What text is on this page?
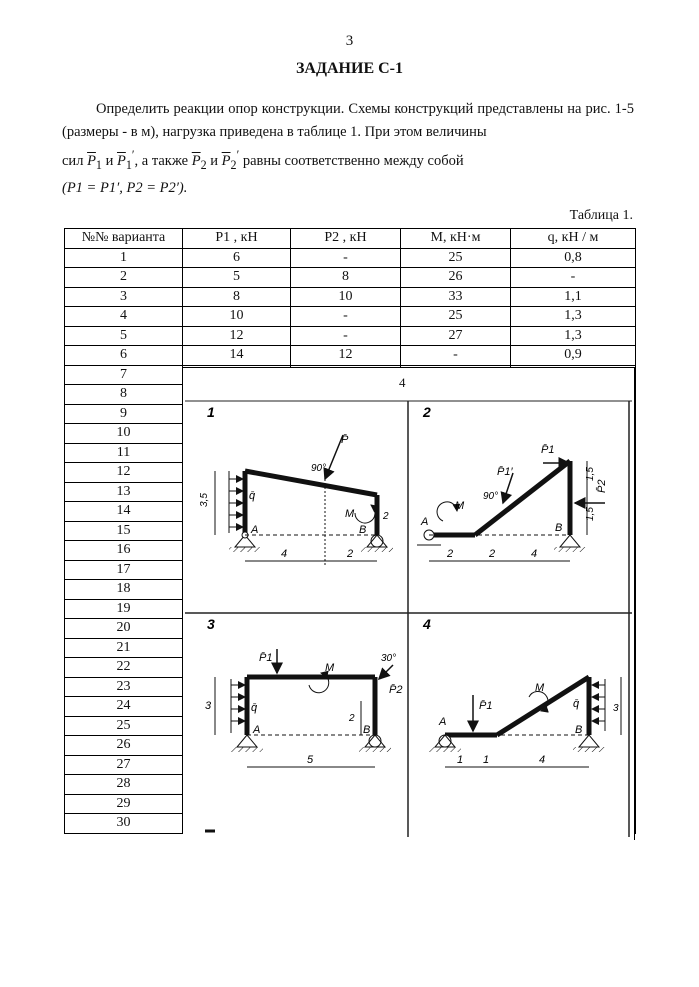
3
ЗАДАНИЕ С-1
Определить реакции опор конструкции. Схемы конструкций представлены на рис. 1-5 (размеры - в м), нагрузка приведена в таблице 1. При этом величины
сил $\overline{P}_1$ и $\overline{P}_1'$, а также $\overline{P}_2$ и $\overline{P}_2'$ равны соответственно между собой
(P1 = P1′, P2 = P2′).
Таблица 1.
№№ варианта	P1 , кН	P2 , кН	M, кН·м	q, кН / м
1	6	-	25	0,8
2	5	8	26	-
3	8	10	33	1,1
4	10	-	25	1,3
5	12	-	27	1,3
6	14	12	-	0,9
7				
8				
9				
10				
11				
12				
13				
14				
15				
16				
17				
18				
19				
20				
21				
22				
23				
24				
25				
26				
27				
28				
29				
30				
4
1
q̄
3,5
P̄
90°
M
A	B
2
4	2
2
P̄1
P̄1′
90°
M
A
P̄2
1,5
1,5
B
2	2	4
3
P̄1
M
30°
P̄2
q̄
3
A
2
B
5
4
A
P̄1
M
q̄	3
B
1 1	4
